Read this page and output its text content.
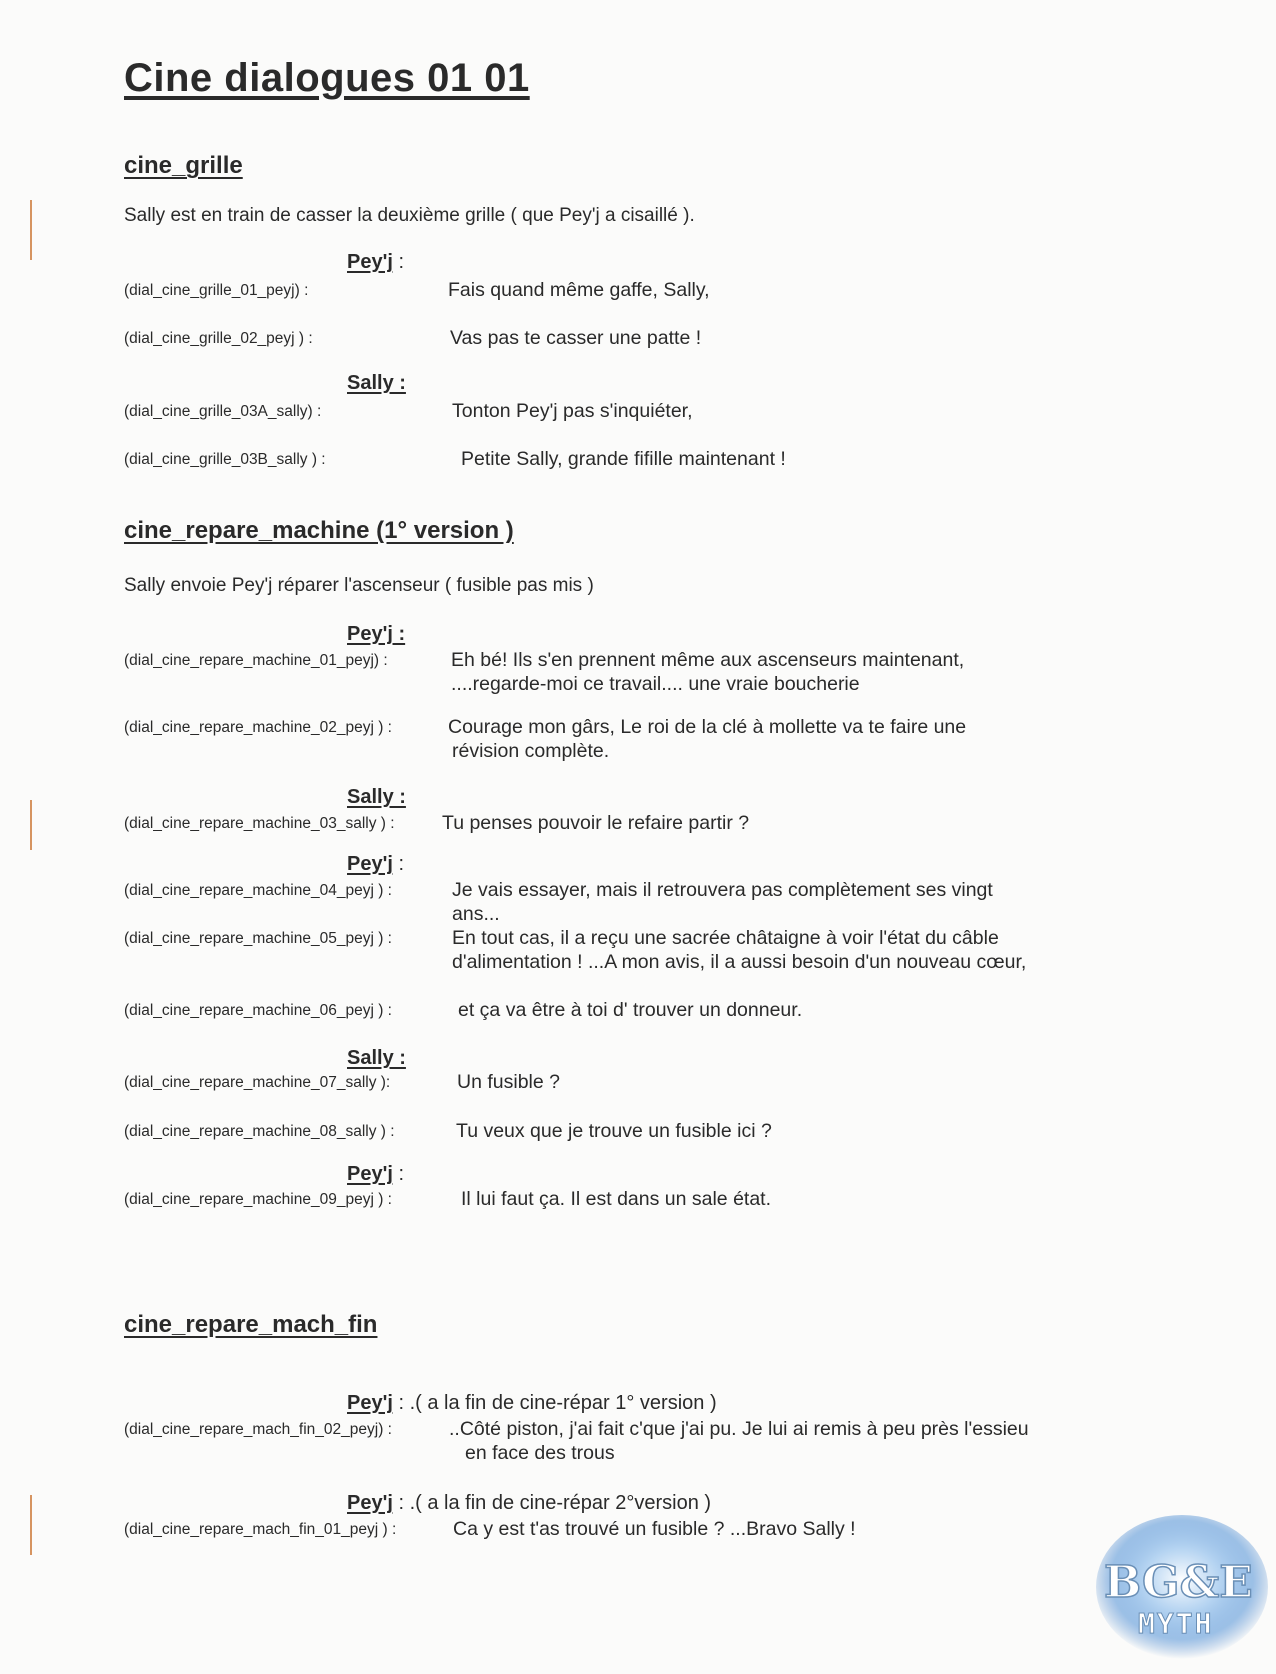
Cine dialogues 01 01
cine_grille
Sally est en train de casser la deuxième grille ( que Pey'j a cisaillé ).
Pey'j :
(dial_cine_grille_01_peyj) :	Fais quand même gaffe, Sally,
(dial_cine_grille_02_peyj ) :	Vas pas te casser une patte !
Sally :
(dial_cine_grille_03A_sally) :	Tonton Pey'j pas s'inquiéter,
(dial_cine_grille_03B_sally ) :	Petite Sally, grande fifille maintenant !
cine_repare_machine (1° version )
Sally envoie Pey'j réparer l'ascenseur ( fusible pas mis )
Pey'j :
(dial_cine_repare_machine_01_peyj) :	Eh bé! Ils s'en prennent même aux ascenseurs maintenant,
....regarde-moi ce travail.... une vraie boucherie
(dial_cine_repare_machine_02_peyj ) :	Courage mon gârs, Le roi de la clé à mollette va te faire une
révision complète.
Sally :
(dial_cine_repare_machine_03_sally ) : Tu penses pouvoir le refaire partir ?
Pey'j :
(dial_cine_repare_machine_04_peyj ) :	Je vais essayer, mais il retrouvera pas complètement ses vingt
ans...
(dial_cine_repare_machine_05_peyj ) :	En tout cas, il a reçu une sacrée châtaigne à voir l'état du câble
d'alimentation ! ...A mon avis, il a aussi besoin d'un nouveau cœur,
(dial_cine_repare_machine_06_peyj ) :	et ça va être à toi d' trouver un donneur.
Sally :
(dial_cine_repare_machine_07_sally ):	Un fusible ?
(dial_cine_repare_machine_08_sally ) :	Tu veux que je trouve un fusible ici ?
Pey'j :
(dial_cine_repare_machine_09_peyj ) :	Il lui faut ça. Il est dans un sale état.
cine_repare_mach_fin
Pey'j : .( a la fin de cine-répar 1° version )
(dial_cine_repare_mach_fin_02_peyj) :	..Côté piston, j'ai fait c'que j'ai pu. Je lui ai remis à peu près l'essieu
en face des trous
Pey'j : .( a la fin de cine-répar 2°version )
(dial_cine_repare_mach_fin_01_peyj ) :	Ca y est t'as trouvé un fusible ? ...Bravo Sally !
BG&E
MYTH
